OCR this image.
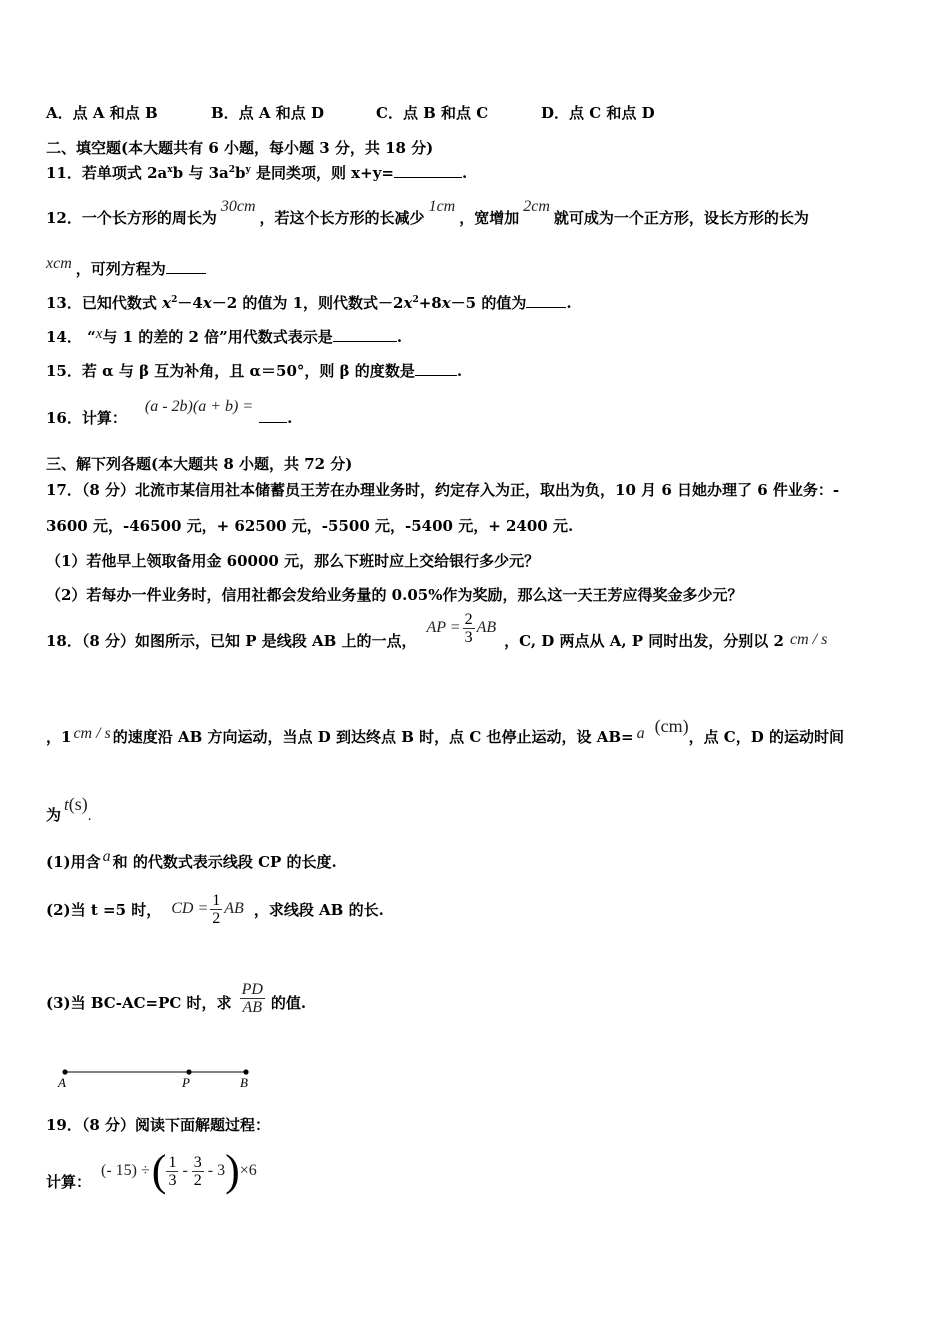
A．点 A 和点 B	B．点 A 和点 D	C．点 B 和点 C	D．点 C 和点 D
二、填空题(本大题共有 6 小题，每小题 3 分，共 18 分)
11．若单项式 $2a^xb$ 与 $3a^2b^y$ 是同类项，则 x+y=	.
12．一个长方形的周长为30cm，若这个长方形的长减少1cm，宽增加2cm就可成为一个正方形，设长方形的长为
xcm ，可列方程为
13．已知代数式 $x^2-4x-2$ 的值为 1，则代数式$-2x^2+8x-5$ 的值为	.
14． “x与 1 的差的 2 倍”用代数式表示是	.
15．若 α 与 β 互为补角，且 α＝50°，则 β 的度数是	.
16．计算：(a - 2b)(a + b) =.
三、解下列各题(本大题共 8 小题，共 72 分)
17．（8 分）北流市某信用社本储蓄员王芳在办理业务时，约定存入为正，取出为负，10 月 6 日她办理了 6 件业务：-
3600 元，-46500 元，+ 62500 元，-5500 元，-5400 元，+ 2400 元.
（1）若他早上领取备用金 60000 元，那么下班时应上交给银行多少元？
（2）若每办一件业务时，信用社都会发给业务量的 0.05%作为奖励，那么这一天王芳应得奖金多少元？
18．（8 分）如图所示，已知 P 是线段 AB 上的一点，
AP = $\frac{2}{3}$ AB
，C, D 两点从 A, P 同时出发，分别以 2 cm / s
，1 cm / s 的速度沿 AB 方向运动，当点 D 到达终点 B 时，点 C 也停止运动，设 AB= a (cm)，点 C，D 的运动时间
为t(s).
(1)用含 a 和 的代数式表示线段 CP 的长度.
(2)当 t =5 时， CD = $\frac{1}{2}$ AB ，求线段 AB 的长.
(3)当 BC-AC=PC 时，求 $\frac{PD}{AB}$ 的值.
A	P	B
19．（8 分）阅读下面解题过程：
计算：
(- 15) ÷ ( $\frac{1}{3} - \frac{3}{2} - 3$ ) ×6
